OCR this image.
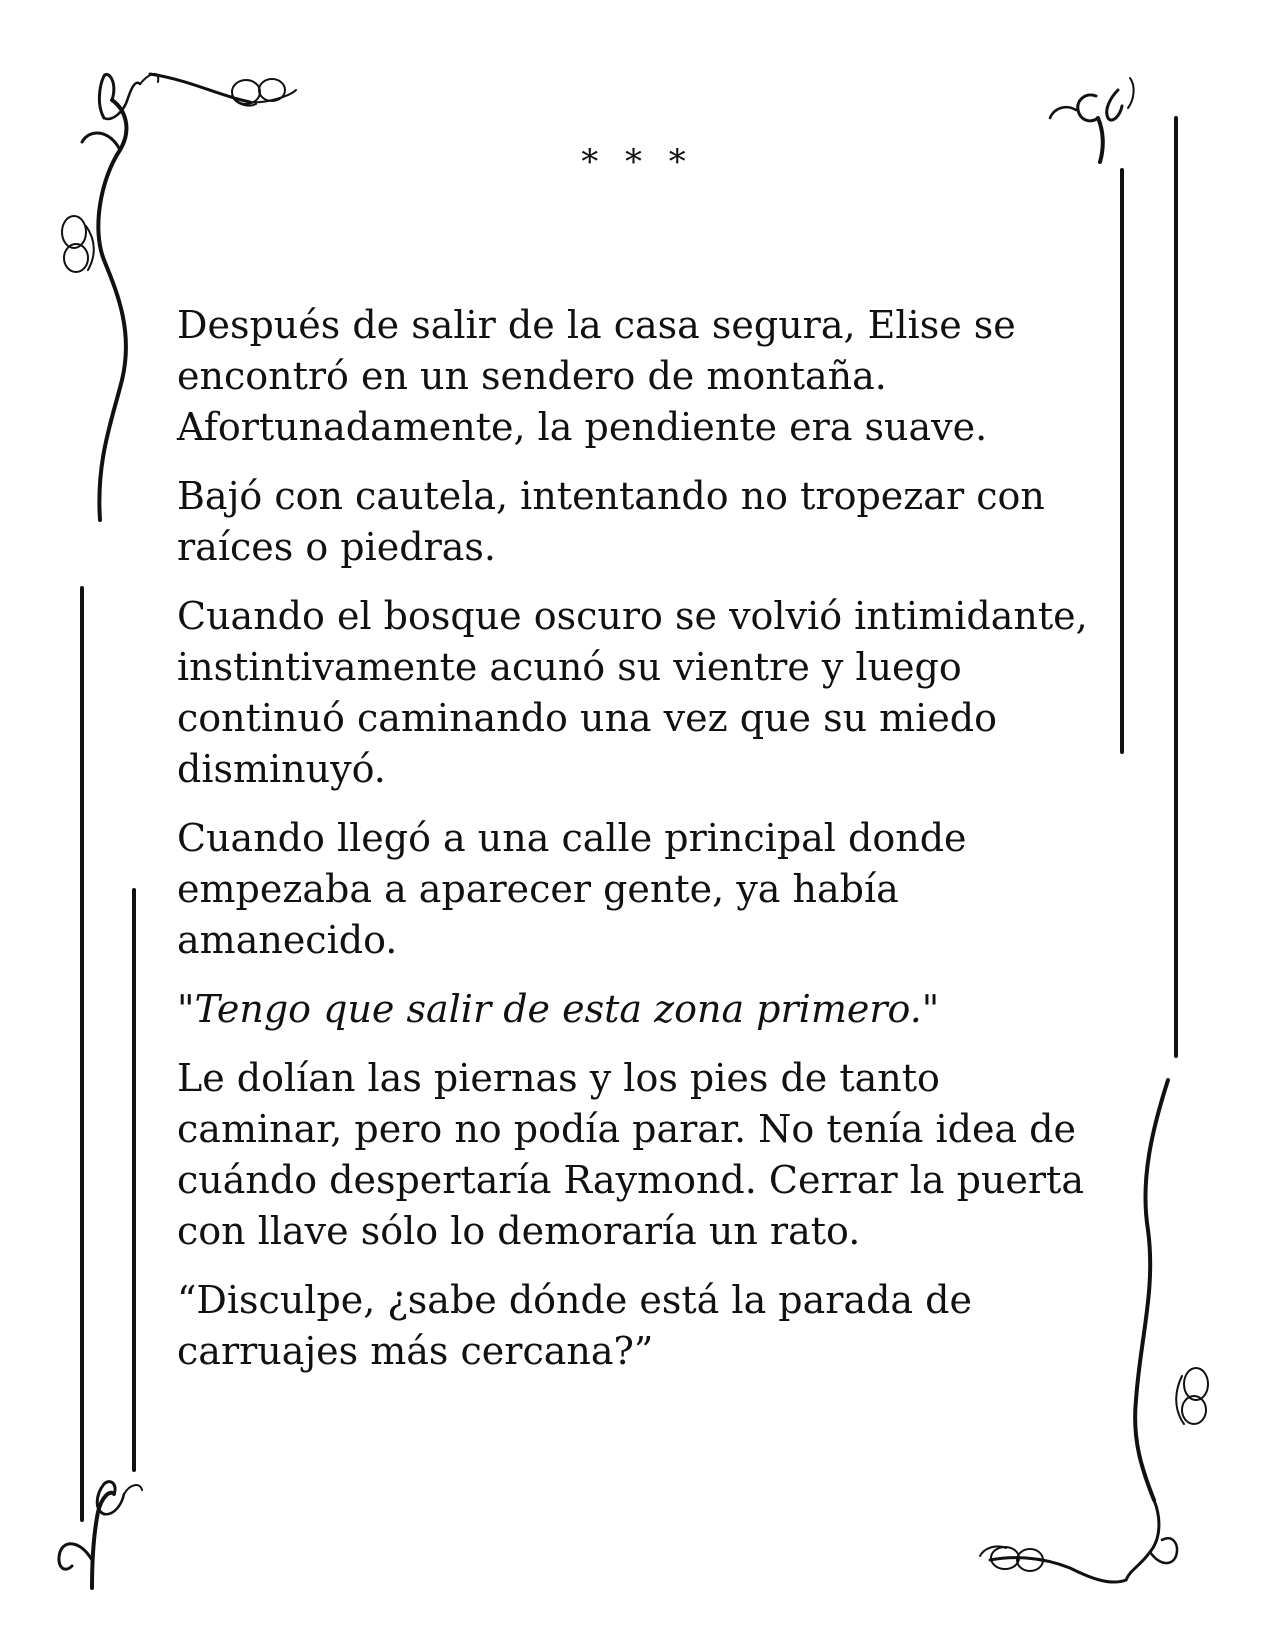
* * *

Después de salir de la casa segura, Elise se
encontró en un sendero de montaña.
Afortunadamente, la pendiente era suave.

Bajó con cautela, intentando no tropezar con
raíces o piedras.

Cuando el bosque oscuro se volvió intimidante,
instintivamente acunó su vientre y luego
continuó caminando una vez que su miedo
disminuyó.

Cuando llegó a una calle principal donde
empezaba a aparecer gente, ya había
amanecido.

"Tengo que salir de esta zona primero."

Le dolían las piernas y los pies de tanto
caminar, pero no podía parar. No tenía idea de
cuándo despertaría Raymond. Cerrar la puerta
con llave sólo lo demoraría un rato.

“Disculpe, ¿sabe dónde está la parada de
carruajes más cercana?”
